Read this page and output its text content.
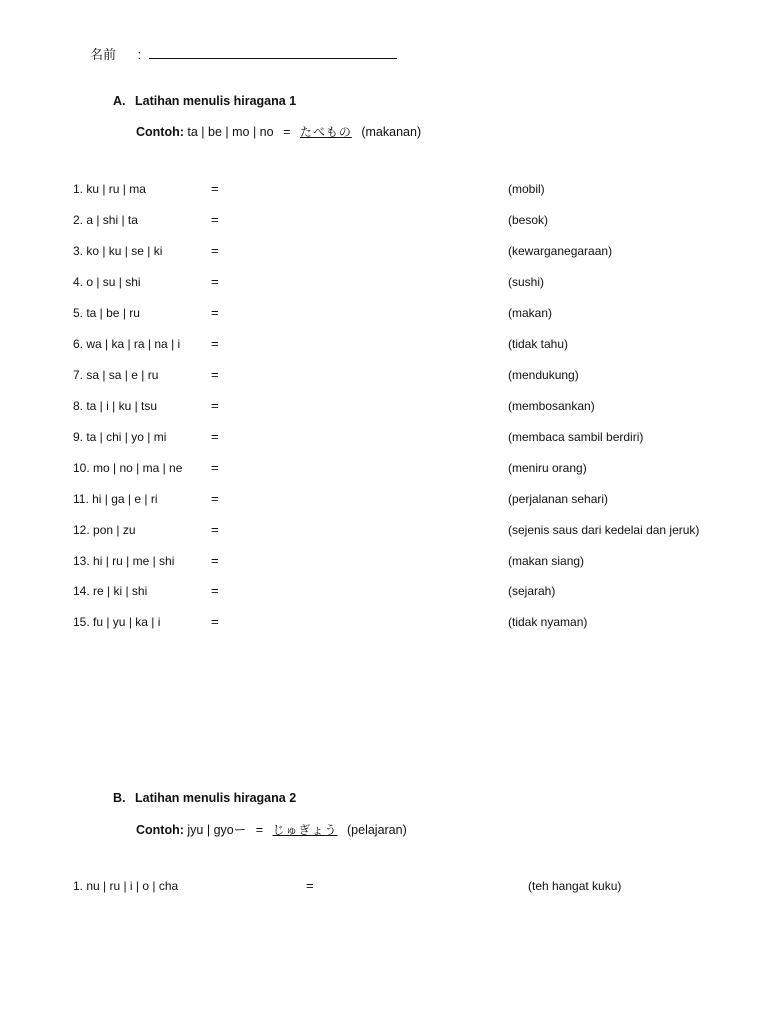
名前 :
A. Latihan menulis hiragana 1
Contoh: ta | be | mo | no = たべもの (makanan)
1. ku | ru | ma	=	(mobil)
2. a | shi | ta	=	(besok)
3. ko | ku | se | ki	=	(kewarganegaraan)
4. o | su | shi	=	(sushi)
5. ta | be | ru	=	(makan)
6. wa | ka | ra | na | i =	(tidak tahu)
7. sa | sa | e | ru	=	(mendukung)
8. ta | i | ku | tsu	=	(membosankan)
9. ta | chi | yo | mi	=	(membaca sambil berdiri)
10. mo | no | ma | ne =	(meniru orang)
11. hi | ga | e | ri	=	(perjalanan sehari)
12. pon | zu	=	(sejenis saus dari kedelai dan jeruk)
13. hi | ru | me | shi	=	(makan siang)
14. re | ki | shi	=	(sejarah)
15. fu | yu | ka | i	=	(tidak nyaman)
B. Latihan menulis hiragana 2
Contoh: jyu | gyoー = じゅぎょう (pelajaran)
1. nu | ru | i | o | cha	=	(teh hangat kuku)
